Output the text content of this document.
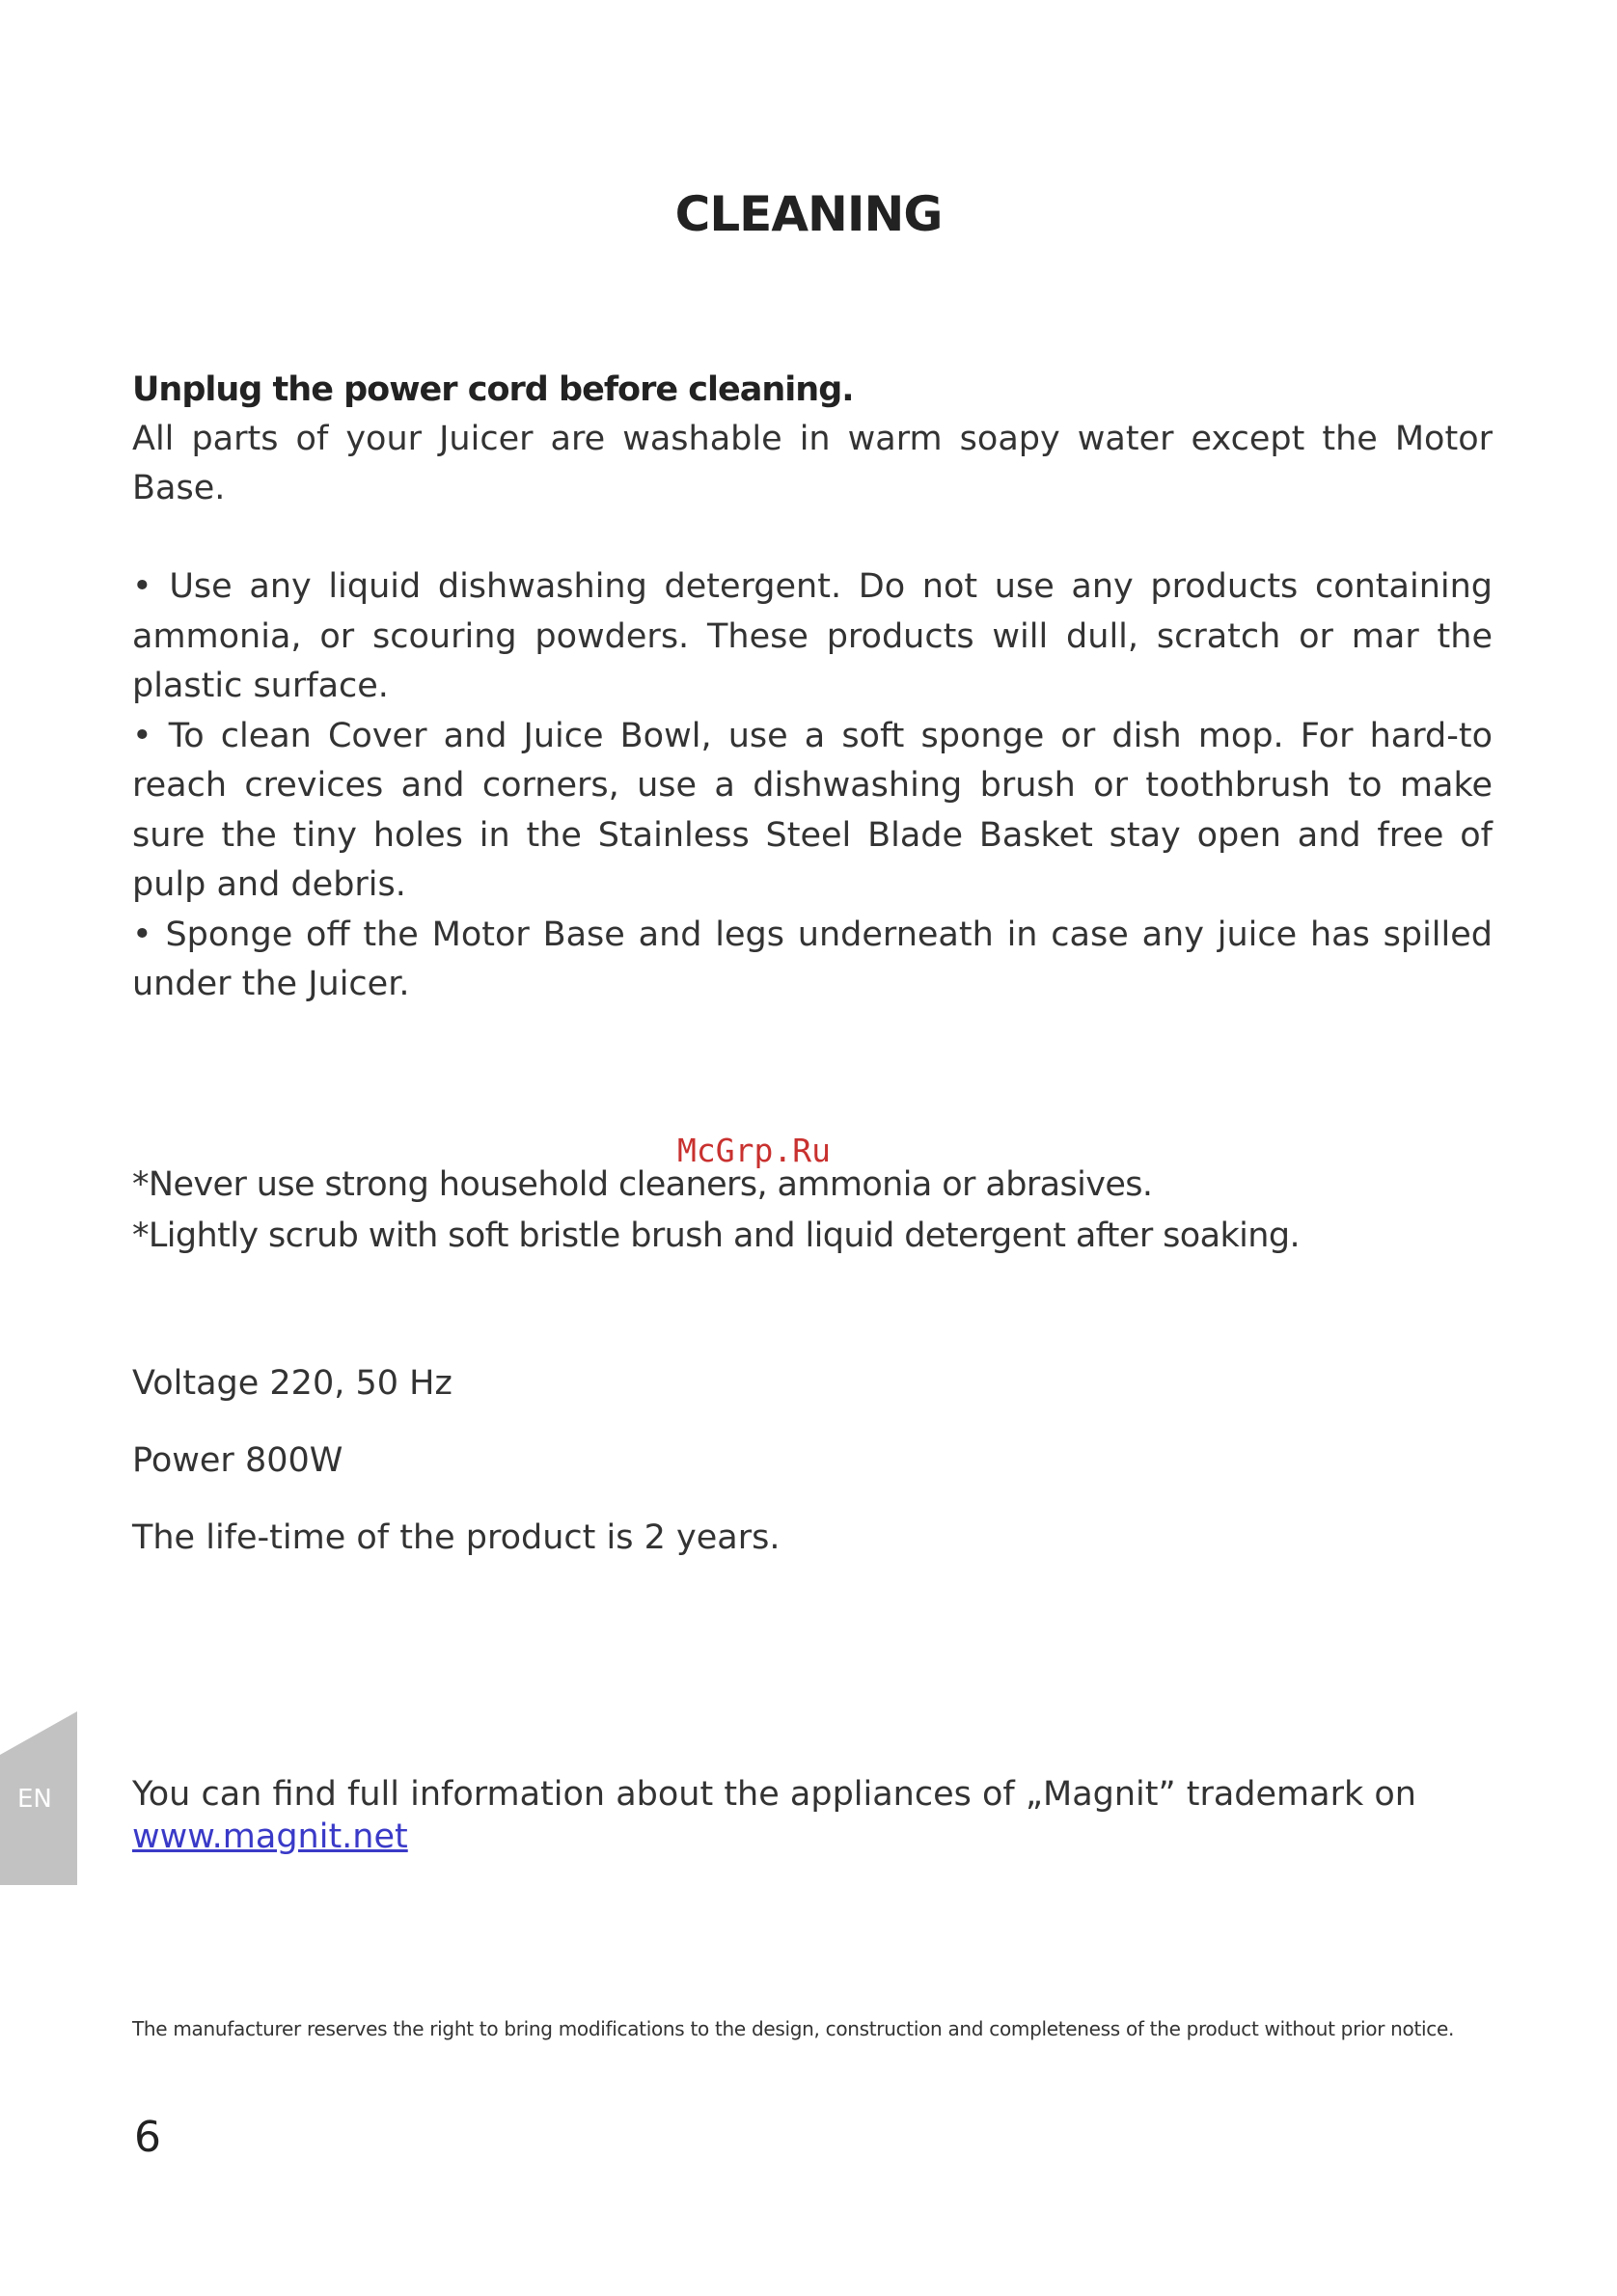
CLEANING
Unplug the power cord before cleaning.
All parts of your Juicer are washable in warm soapy water except the Motor Base.
• Use any liquid dishwashing detergent. Do not use any products containing ammonia, or scouring powders. These products will dull, scratch or mar the plastic surface.
• To clean Cover and Juice Bowl, use a soft sponge or dish mop. For hard-to reach crevices and corners, use a dishwashing brush or toothbrush to make sure the tiny holes in the Stainless Steel Blade Basket stay open and free of pulp and debris.
• Sponge off the Motor Base and legs underneath in case any juice has spilled under the Juicer.
McGrp.Ru
*Never use strong household cleaners, ammonia or abrasives.
*Lightly scrub with soft bristle brush and liquid detergent after soaking.

Voltage 220, 50 Hz

Power 800W

The life-time of the product is 2 years.

EN You can find full information about the appliances of „Magnit” trademark on www.magnit.net
The manufacturer reserves the right to bring modifications to the design, construction and completeness of the product without prior notice.
6
